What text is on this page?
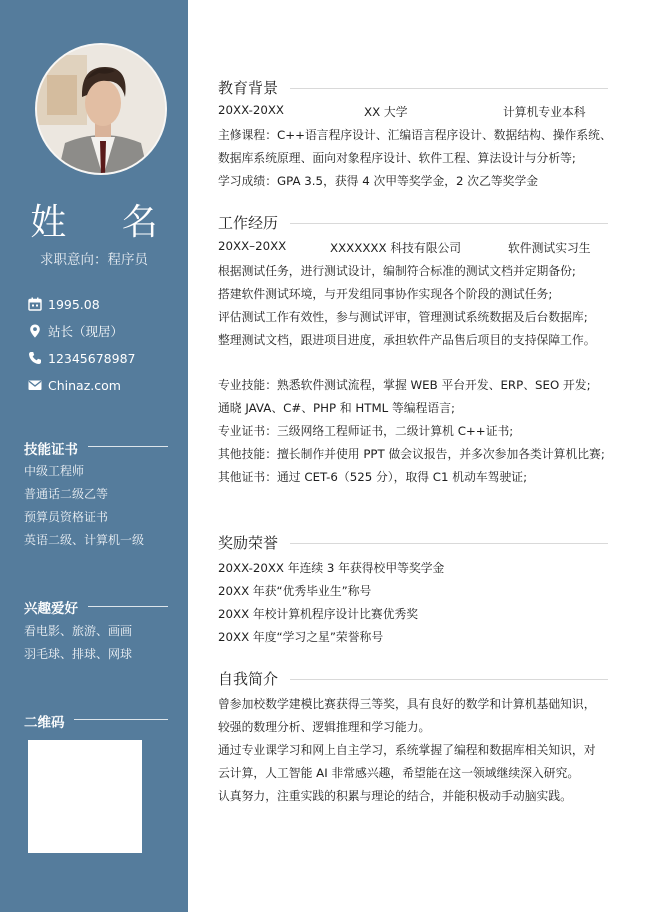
姓 名
求职意向：程序员
1995.08
站长（现居）
12345678987
Chinaz.com
技能证书
中级工程师
普通话二级乙等
预算员资格证书
英语二级、计算机一级
兴趣爱好
看电影、旅游、画画
羽毛球、排球、网球
二维码
教育背景
20XX-20XX	XX 大学	计算机专业本科
主修课程：C++语言程序设计、汇编语言程序设计、数据结构、操作系统、
数据库系统原理、面向对象程序设计、软件工程、算法设计与分析等;
学习成绩：GPA 3.5，获得 4 次甲等奖学金，2 次乙等奖学金
工作经历
20XX–20XX	XXXXXXX 科技有限公司	软件测试实习生
根据测试任务，进行测试设计，编制符合标准的测试文档并定期备份;
搭建软件测试环境，与开发组同事协作实现各个阶段的测试任务;
评估测试工作有效性，参与测试评审，管理测试系统数据及后台数据库;
整理测试文档，跟进项目进度，承担软件产品售后项目的支持保障工作。
专业技能：熟悉软件测试流程，掌握 WEB 平台开发、ERP、SEO 开发;
通晓 JAVA、C#、PHP 和 HTML 等编程语言;
专业证书：三级网络工程师证书，二级计算机 C++证书;
其他技能：擅长制作并使用 PPT 做会议报告，并多次参加各类计算机比赛;
其他证书：通过 CET-6（525 分），取得 C1 机动车驾驶证;
奖励荣誉
20XX-20XX 年连续 3 年获得校甲等奖学金
20XX 年获“优秀毕业生”称号
20XX 年校计算机程序设计比赛优秀奖
20XX 年度“学习之星”荣誉称号
自我简介
曾参加校数学建模比赛获得三等奖，具有良好的数学和计算机基础知识，
较强的数理分析、逻辑推理和学习能力。
通过专业课学习和网上自主学习，系统掌握了编程和数据库相关知识，对
云计算，人工智能 AI 非常感兴趣，希望能在这一领域继续深入研究。
认真努力，注重实践的积累与理论的结合，并能积极动手动脑实践。
